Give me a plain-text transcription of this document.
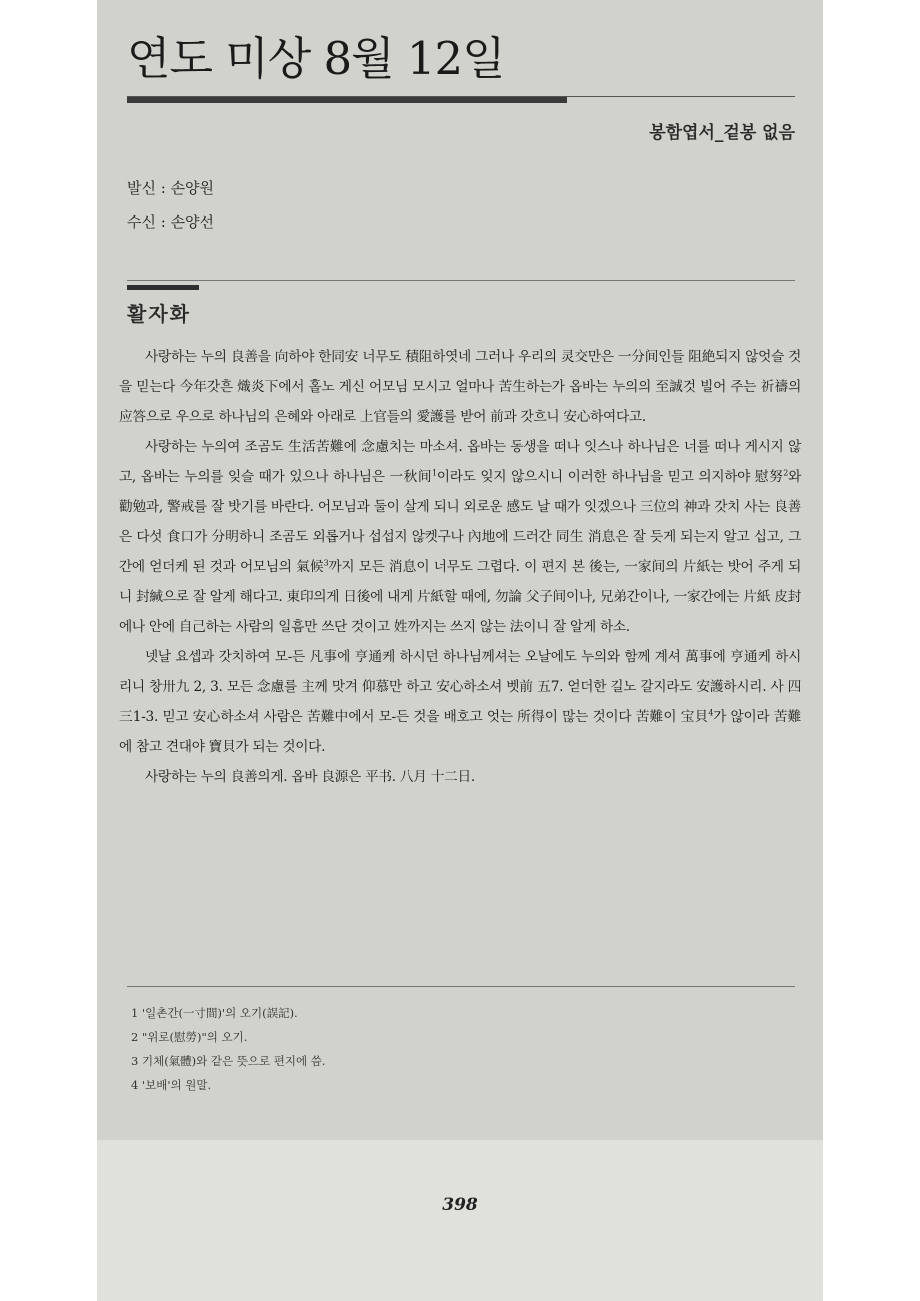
연도 미상 8월 12일
봉함엽서_겉봉 없음
발신 : 손양원
수신 : 손양선
활자화

사랑하는 누의 良善을 向하야 한同安 너무도 積阻하엿네 그러나 우리의 灵交만은 一分间인들 阻絶되지 않엇슬 것을 믿는다 今年갓흔 熾炎下에서 홀노 게신 어모님 모시고 얼마나 苦生하는가 옵바는 누의의 至誠것 빌어 주는 祈禱의 应答으로 우으로 하나님의 은혜와 아래로 上官들의 愛護를 받어 前과 갓흐니 安心하여다고.

사랑하는 누의여 조곰도 生活苦難에 念慮치는 마소셔. 옵바는 동생을 떠나 잇스나 하나님은 너를 떠나 게시지 않고, 옵바는 누의를 잊슬 때가 있으나 하나님은 一秋间$^1$이라도 잊지 않으시니 이러한 하나님을 믿고 의지하야 慰努$^2$와 勸勉과, 警戒를 잘 밧기를 바란다. 어모님과 둘이 살게 되니 외로운 感도 날 때가 잇겠으나 三位의 神과 갓치 사는 良善은 다섯 食口가 分明하니 조곰도 외롭거나 섭섭지 않켓구나 內地에 드러간 同生 消息은 잘 듯게 되는지 알고 십고, 그간에 얻더케 된 것과 어모님의 氣候$^3$까지 모든 消息이 너무도 그렵다. 이 편지 본 後는, 一家间의 片紙는 밧어 주게 되니 封緘으로 잘 알게 해다고. 東印의게 日後에 내게 片紙할 때에, 勿論 父子间이나, 兄弟간이나, 一家간에는 片紙 皮封에나 안에 自己하는 사람의 일흠만 쓰단 것이고 姓까지는 쓰지 않는 法이니 잘 알게 하소.

넷날 요셉과 갓치하여 모-든 凡事에 亨通케 하시던 하나님께셔는 오날에도 누의와 함께 계셔 萬事에 亨通케 하시리니 창卅九 2, 3. 모든 念慮를 主께 맛겨 仰慕만 하고 安心하소셔 벳前 五7. 얻더한 길노 갈지라도 安護하시리. 사 四三1-3. 믿고 安心하소셔 사람은 苦難中에서 모-든 것을 배호고 엇는 所得이 많는 것이다 苦難이 宝貝$^4$가 않이라 苦難에 참고 견대야 寶貝가 되는 것이다.

사랑하는 누의 良善의게. 옵바 良源은 平书. 八月 十二日.

1 '일촌간(一寸間)'의 오기(誤記).
2 "위로(慰勞)"의 오기.
3 기체(氣體)와 같은 뜻으로 편지에 씀.
4 '보배'의 원말.
398
